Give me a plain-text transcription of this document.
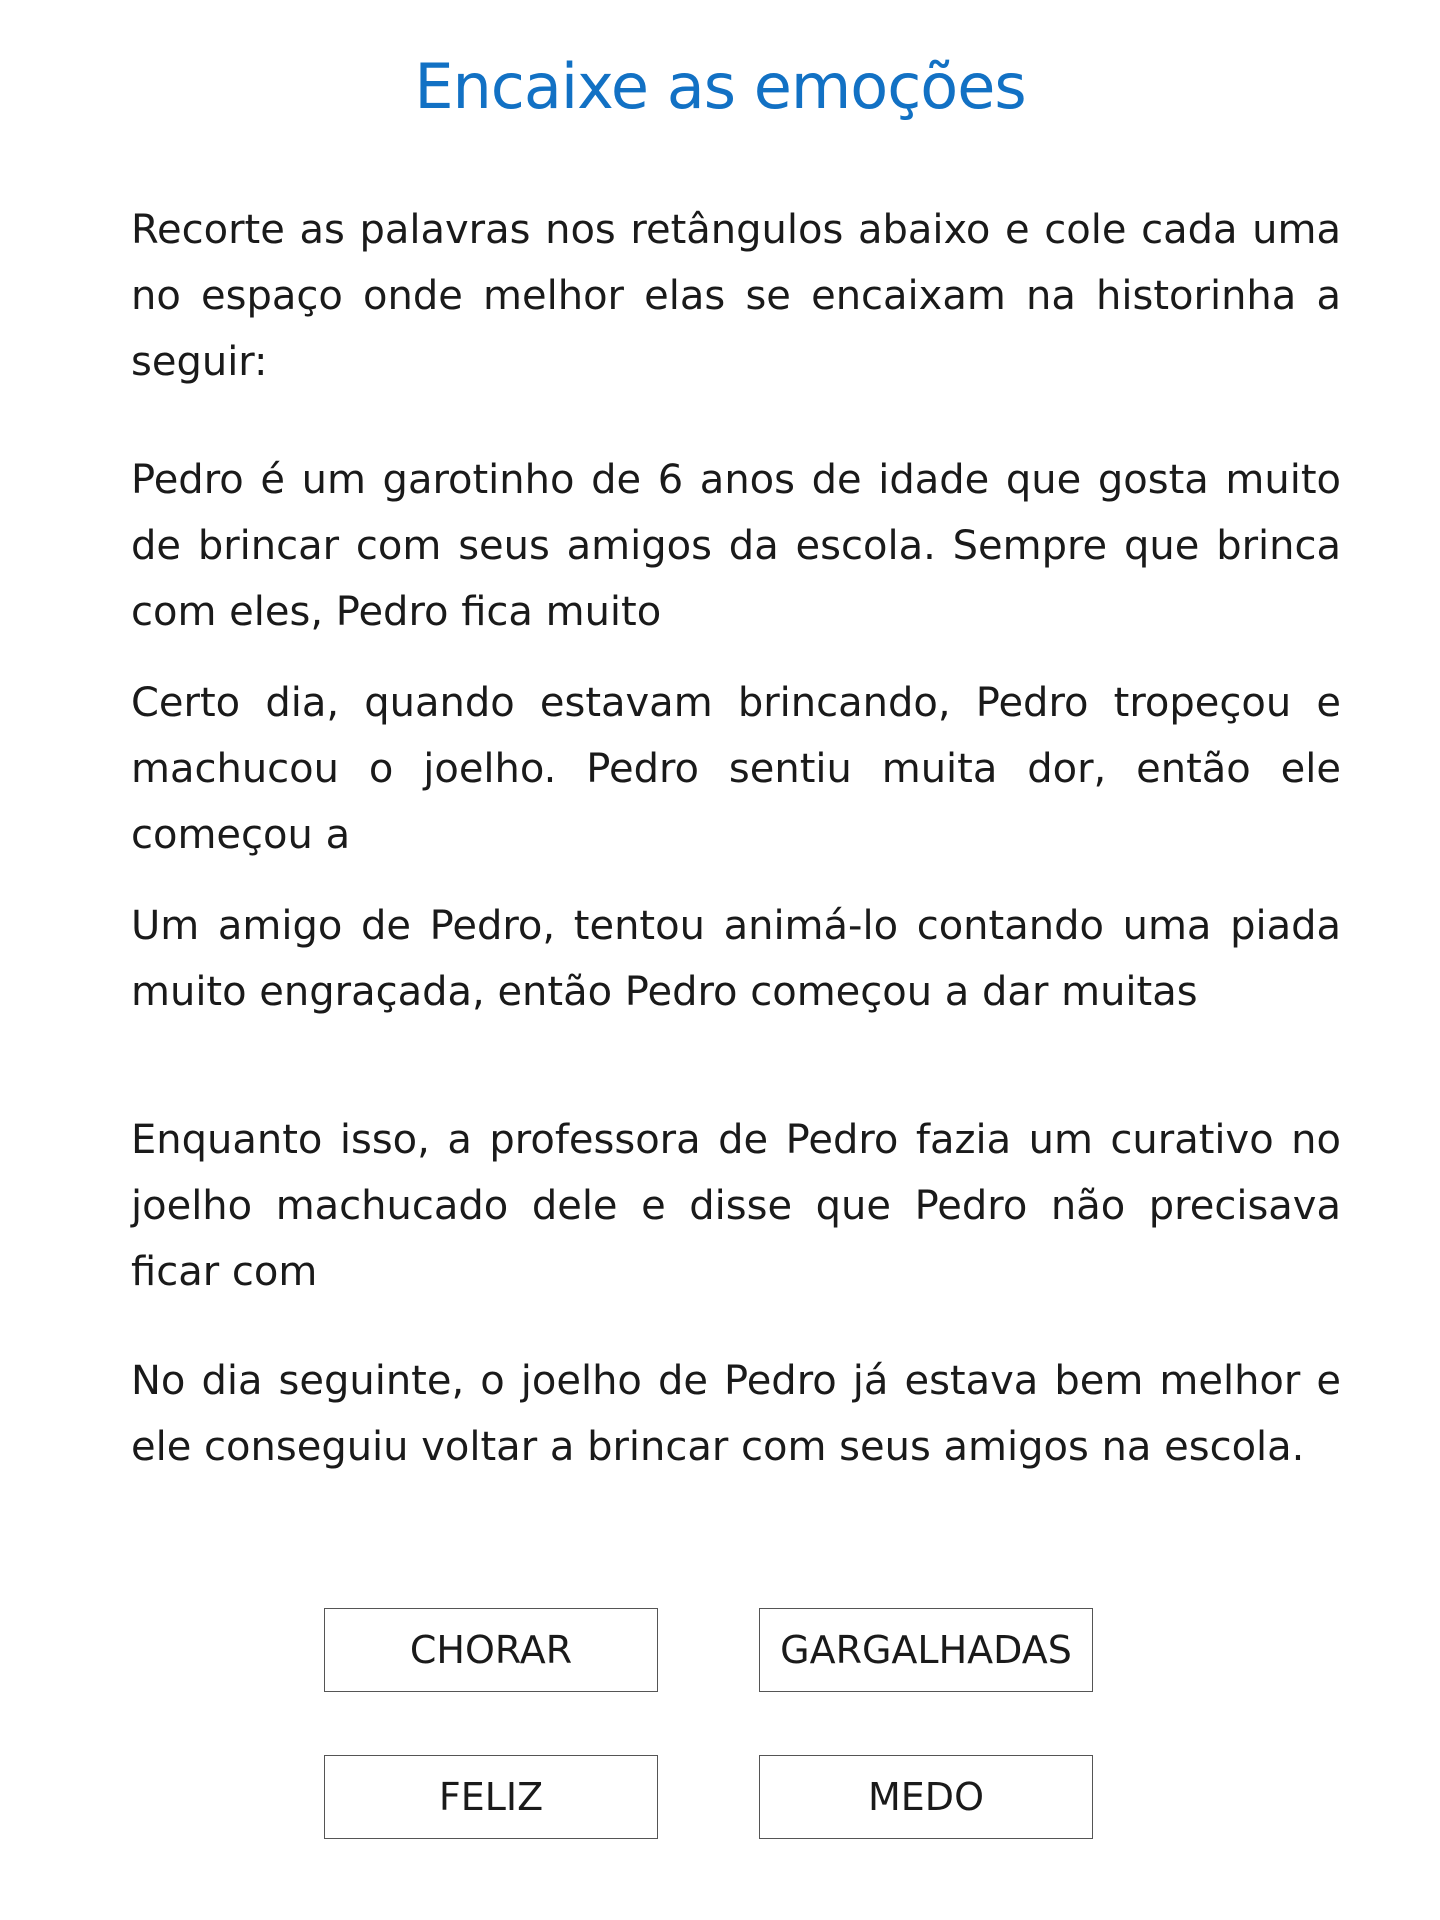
Encaixe as emoções

Recorte as palavras nos retângulos abaixo e cole cada uma no espaço onde melhor elas se encaixam na historinha a seguir:

Pedro é um garotinho de 6 anos de idade que gosta muito de brincar com seus amigos da escola. Sempre que brinca com eles, Pedro fica muito

Certo dia, quando estavam brincando, Pedro tropeçou e machucou o joelho. Pedro sentiu muita dor, então ele começou a

Um amigo de Pedro, tentou animá-lo contando uma piada muito engraçada, então Pedro começou a dar muitas

Enquanto isso, a professora de Pedro fazia um curativo no joelho machucado dele e disse que Pedro não precisava ficar com

No dia seguinte, o joelho de Pedro já estava bem melhor e ele conseguiu voltar a brincar com seus amigos na escola.

CHORAR	GARGALHADAS
FELIZ	MEDO
